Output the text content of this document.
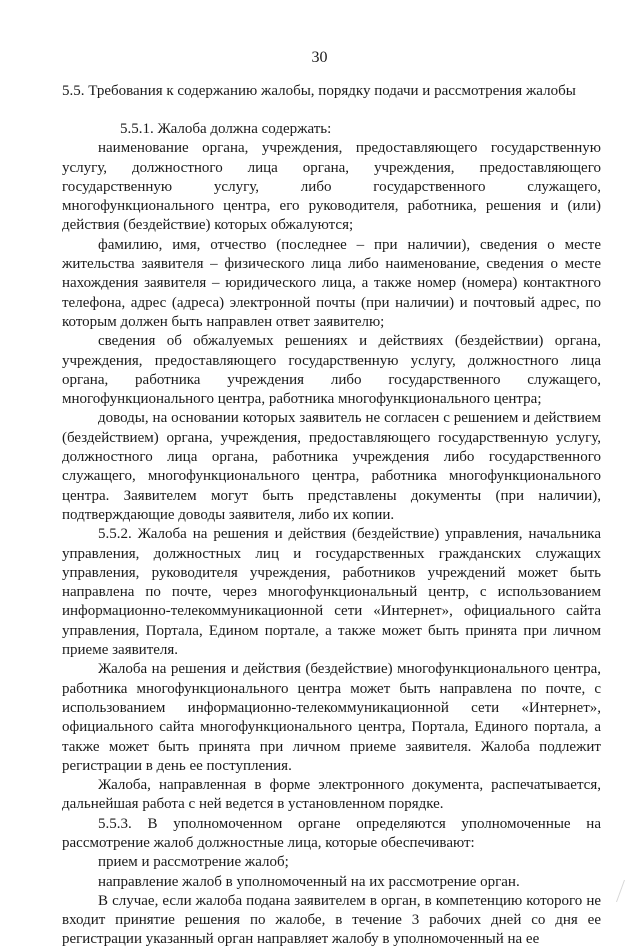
30
5.5. Требования к содержанию жалобы, порядку подачи и рассмотрения жалобы

5.5.1. Жалоба должна содержать:

наименование органа, учреждения, предоставляющего государственную услугу, должностного лица органа, учреждения, предоставляющего государственную услугу, либо государственного служащего, многофункционального центра, его руководителя, работника, решения и (или) действия (бездействие) которых обжалуются;

фамилию, имя, отчество (последнее – при наличии), сведения о месте жительства заявителя – физического лица либо наименование, сведения о месте нахождения заявителя – юридического лица, а также номер (номера) контактного телефона, адрес (адреса) электронной почты (при наличии) и почтовый адрес, по которым должен быть направлен ответ заявителю;

сведения об обжалуемых решениях и действиях (бездействии) органа, учреждения, предоставляющего государственную услугу, должностного лица органа, работника учреждения либо государственного служащего, многофункционального центра, работника многофункционального центра;

доводы, на основании которых заявитель не согласен с решением и действием (бездействием) органа, учреждения, предоставляющего государственную услугу, должностного лица органа, работника учреждения либо государственного служащего, многофункционального центра, работника многофункционального центра. Заявителем могут быть представлены документы (при наличии), подтверждающие доводы заявителя, либо их копии.

5.5.2. Жалоба на решения и действия (бездействие) управления, начальника управления, должностных лиц и государственных гражданских служащих управления, руководителя учреждения, работников учреждений может быть направлена по почте, через многофункциональный центр, с использованием информационно-телекоммуникационной сети «Интернет», официального сайта управления, Портала, Едином портале, а также может быть принята при личном приеме заявителя.

Жалоба на решения и действия (бездействие) многофункционального центра, работника многофункционального центра может быть направлена по почте, с использованием информационно-телекоммуникационной сети «Интернет», официального сайта многофункционального центра, Портала, Единого портала, а также может быть принята при личном приеме заявителя. Жалоба подлежит регистрации в день ее поступления.

Жалоба, направленная в форме электронного документа, распечатывается, дальнейшая работа с ней ведется в установленном порядке.

5.5.3. В уполномоченном органе определяются уполномоченные на рассмотрение жалоб должностные лица, которые обеспечивают:

прием и рассмотрение жалоб;

направление жалоб в уполномоченный на их рассмотрение орган.

В случае, если жалоба подана заявителем в орган, в компетенцию которого не входит принятие решения по жалобе, в течение 3 рабочих дней со дня ее регистрации указанный орган направляет жалобу в уполномоченный на ее
